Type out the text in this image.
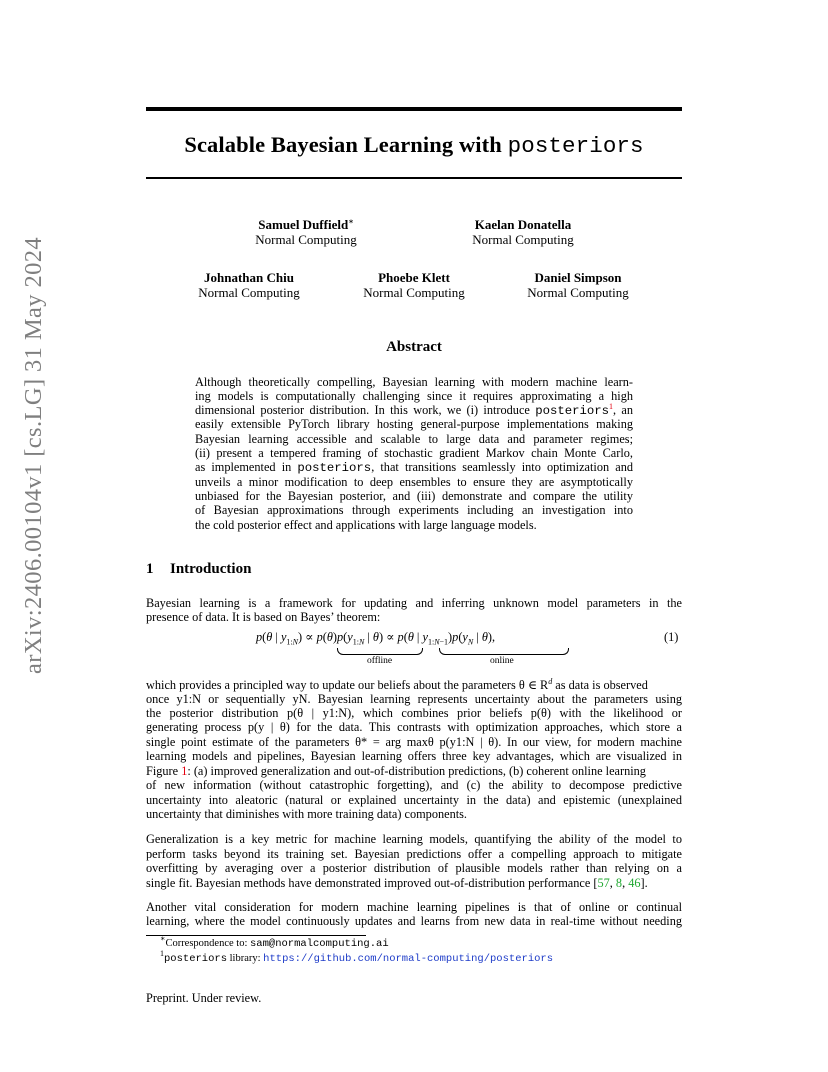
arXiv:2406.00104v1 [cs.LG] 31 May 2024
Scalable Bayesian Learning with posteriors
Samuel Duffield∗
Normal Computing
Kaelan Donatella
Normal Computing
Johnathan Chiu
Normal Computing
Phoebe Klett
Normal Computing
Daniel Simpson
Normal Computing
Abstract
Although theoretically compelling, Bayesian learning with modern machine learn-
ing models is computationally challenging since it requires approximating a high
dimensional posterior distribution. In this work, we (i) introduce posteriors$^1$, an
easily extensible PyTorch library hosting general-purpose implementations making
Bayesian learning accessible and scalable to large data and parameter regimes;
(ii) present a tempered framing of stochastic gradient Markov chain Monte Carlo,
as implemented in posteriors, that transitions seamlessly into optimization and
unveils a minor modification to deep ensembles to ensure they are asymptotically
unbiased for the Bayesian posterior, and (iii) demonstrate and compare the utility
of Bayesian approximations through experiments including an investigation into
the cold posterior effect and applications with large language models.
1 Introduction
Bayesian learning is a framework for updating and inferring unknown model parameters in the
presence of data. It is based on Bayes’ theorem:
p(θ | $y_{1:N}) \propto p(\theta)p(y_{1:N}$ | θ) ∝ p(θ | $y_{1:N-1})p(y_N$ | θ),	(1)
offline	online
which provides a principled way to update our beliefs about the parameters θ ∈ $R^d$ as data is observed
once y1:N or sequentially yN. Bayesian learning represents uncertainty about the parameters using
the posterior distribution p(θ | y1:N), which combines prior beliefs p(θ) with the likelihood or
generating process p(y | θ) for the data. This contrasts with optimization approaches, which store a
single point estimate of the parameters θ* = arg maxθ p(y1:N | θ). In our view, for modern machine
learning models and pipelines, Bayesian learning offers three key advantages, which are visualized in
Figure 1: (a) improved generalization and out-of-distribution predictions, (b) coherent online learning
of new information (without catastrophic forgetting), and (c) the ability to decompose predictive
uncertainty into aleatoric (natural or explained uncertainty in the data) and epistemic (unexplained
uncertainty that diminishes with more training data) components.
Generalization is a key metric for machine learning models, quantifying the ability of the model to
perform tasks beyond its training set. Bayesian predictions offer a compelling approach to mitigate
overfitting by averaging over a posterior distribution of plausible models rather than relying on a
single fit. Bayesian methods have demonstrated improved out-of-distribution performance [57, 8, 46].
Another vital consideration for modern machine learning pipelines is that of online or continual
learning, where the model continuously updates and learns from new data in real-time without needing
∗Correspondence to: sam@normalcomputing.ai
$^1$posteriors library: https://github.com/normal-computing/posteriors
Preprint. Under review.
